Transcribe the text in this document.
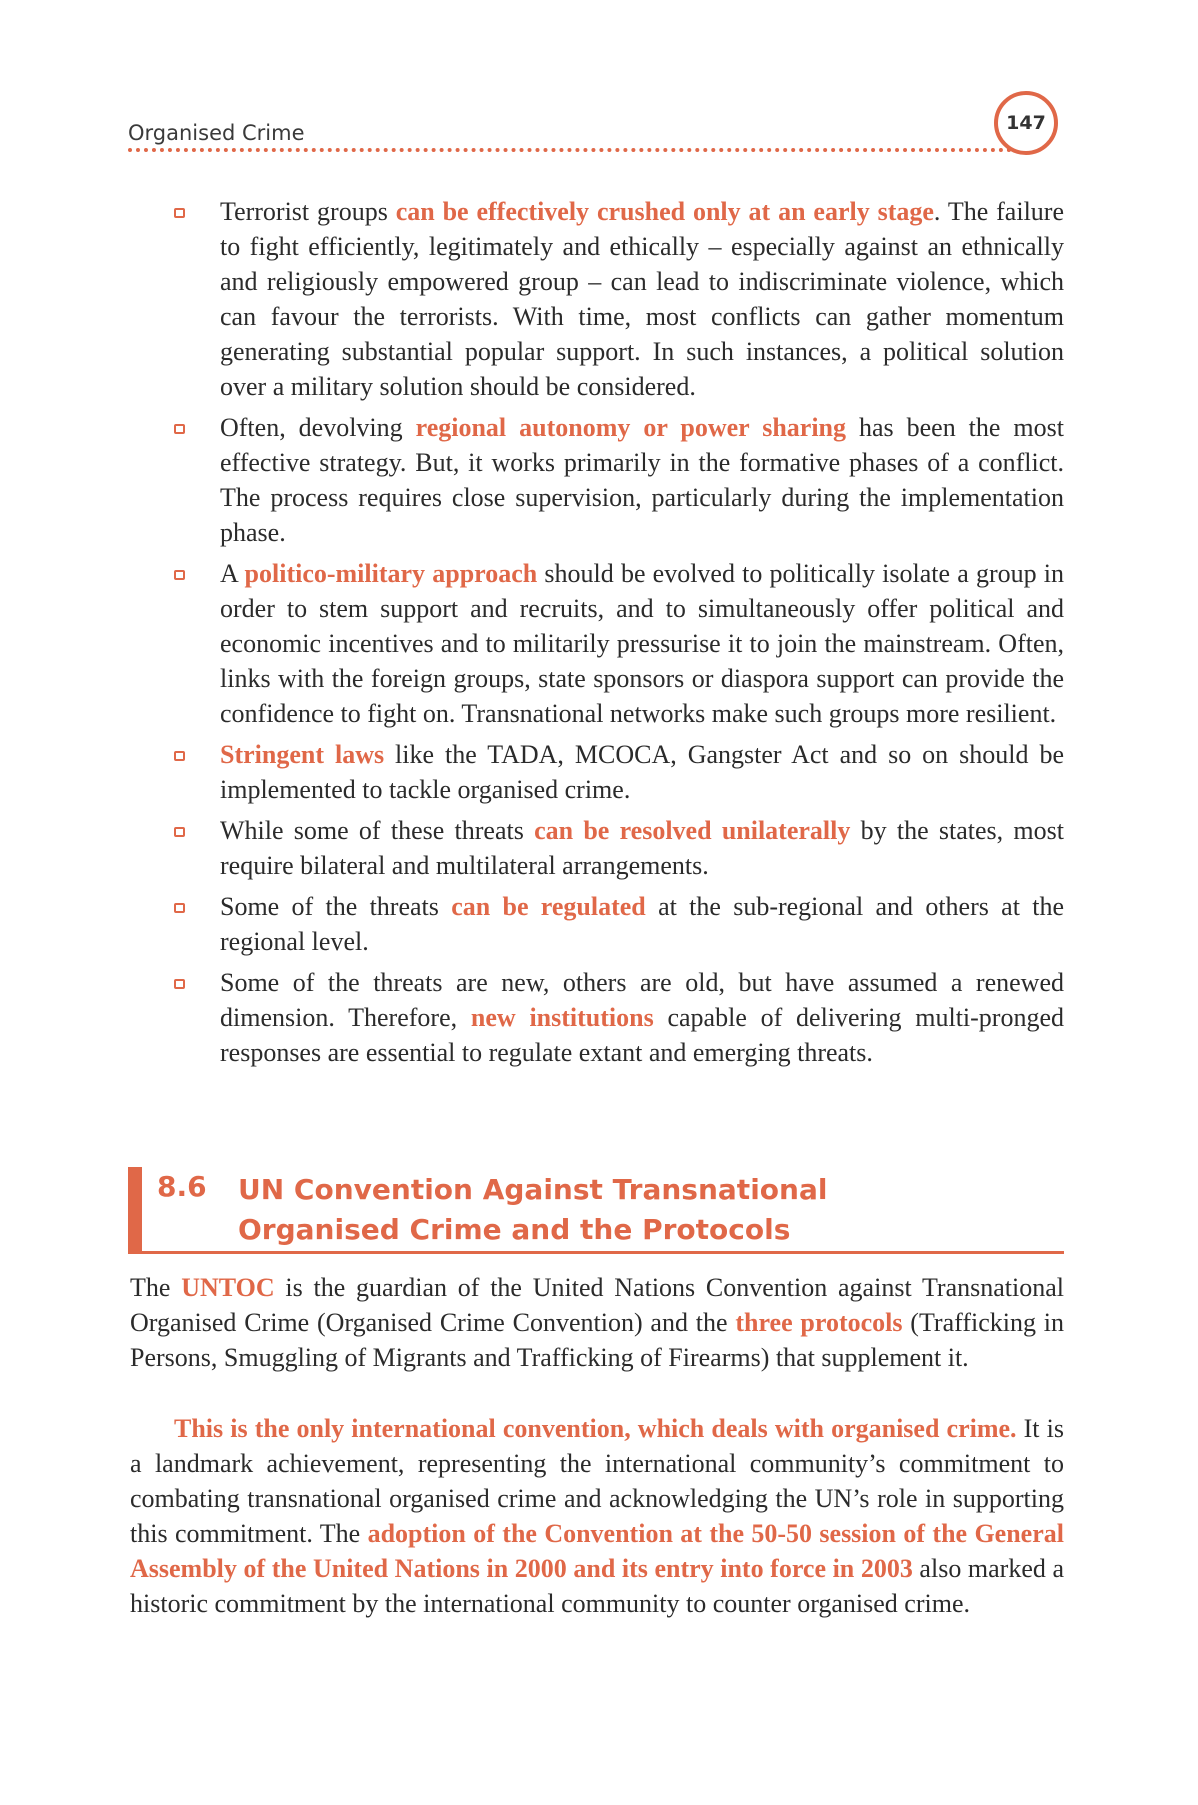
Organised Crime	147
Terrorist groups can be effectively crushed only at an early stage. The failure to fight efficiently, legitimately and ethically – especially against an ethnically and religiously empowered group – can lead to indiscriminate violence, which can favour the terrorists. With time, most conflicts can gather momentum generating substantial popular support. In such instances, a political solution over a military solution should be considered.
Often, devolving regional autonomy or power sharing has been the most effective strategy. But, it works primarily in the formative phases of a conflict. The process requires close supervision, particularly during the implementation phase.
A politico-military approach should be evolved to politically isolate a group in order to stem support and recruits, and to simultaneously offer political and economic incentives and to militarily pressurise it to join the mainstream. Often, links with the foreign groups, state sponsors or diaspora support can provide the confidence to fight on. Transnational networks make such groups more resilient.
Stringent laws like the TADA, MCOCA, Gangster Act and so on should be implemented to tackle organised crime.
While some of these threats can be resolved unilaterally by the states, most require bilateral and multilateral arrangements.
Some of the threats can be regulated at the sub-regional and others at the regional level.
Some of the threats are new, others are old, but have assumed a renewed dimension. Therefore, new institutions capable of delivering multi-pronged responses are essential to regulate extant and emerging threats.
8.6 UN Convention Against Transnational Organised Crime and the Protocols

The UNTOC is the guardian of the United Nations Convention against Transnational Organised Crime (Organised Crime Convention) and the three protocols (Trafficking in Persons, Smuggling of Migrants and Trafficking of Firearms) that supplement it.

This is the only international convention, which deals with organised crime. It is a landmark achievement, representing the international community’s commitment to combating transnational organised crime and acknowledging the UN’s role in supporting this commitment. The adoption of the Convention at the 50-50 session of the General Assembly of the United Nations in 2000 and its entry into force in 2003 also marked a historic commitment by the international community to counter organised crime.
